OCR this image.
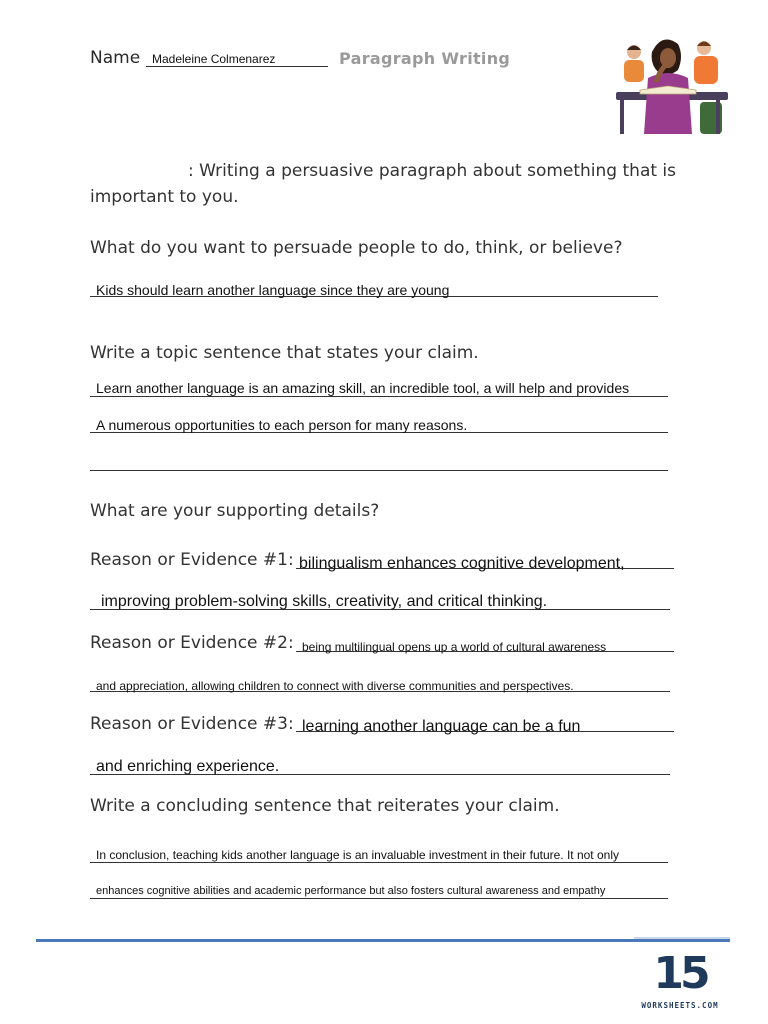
Name Madeleine Colmenarez	Paragraph Writing
: Writing a persuasive paragraph about something that is
important to you.
What do you want to persuade people to do, think, or believe?
Kids should learn another language since they are young
Write a topic sentence that states your claim.
Learn another language is an amazing skill, an incredible tool, a will help and provides
A numerous opportunities to each person for many reasons.
What are your supporting details?
Reason or Evidence #1: bilingualism enhances cognitive development,
improving problem-solving skills, creativity, and critical thinking.
Reason or Evidence #2: being multilingual opens up a world of cultural awareness
and appreciation, allowing children to connect with diverse communities and perspectives.
Reason or Evidence #3: learning another language can be a fun
and enriching experience.
Write a concluding sentence that reiterates your claim.
In conclusion, teaching kids another language is an invaluable investment in their future. It not only
enhances cognitive abilities and academic performance but also fosters cultural awareness and empathy
15
WORKSHEETS.COM
